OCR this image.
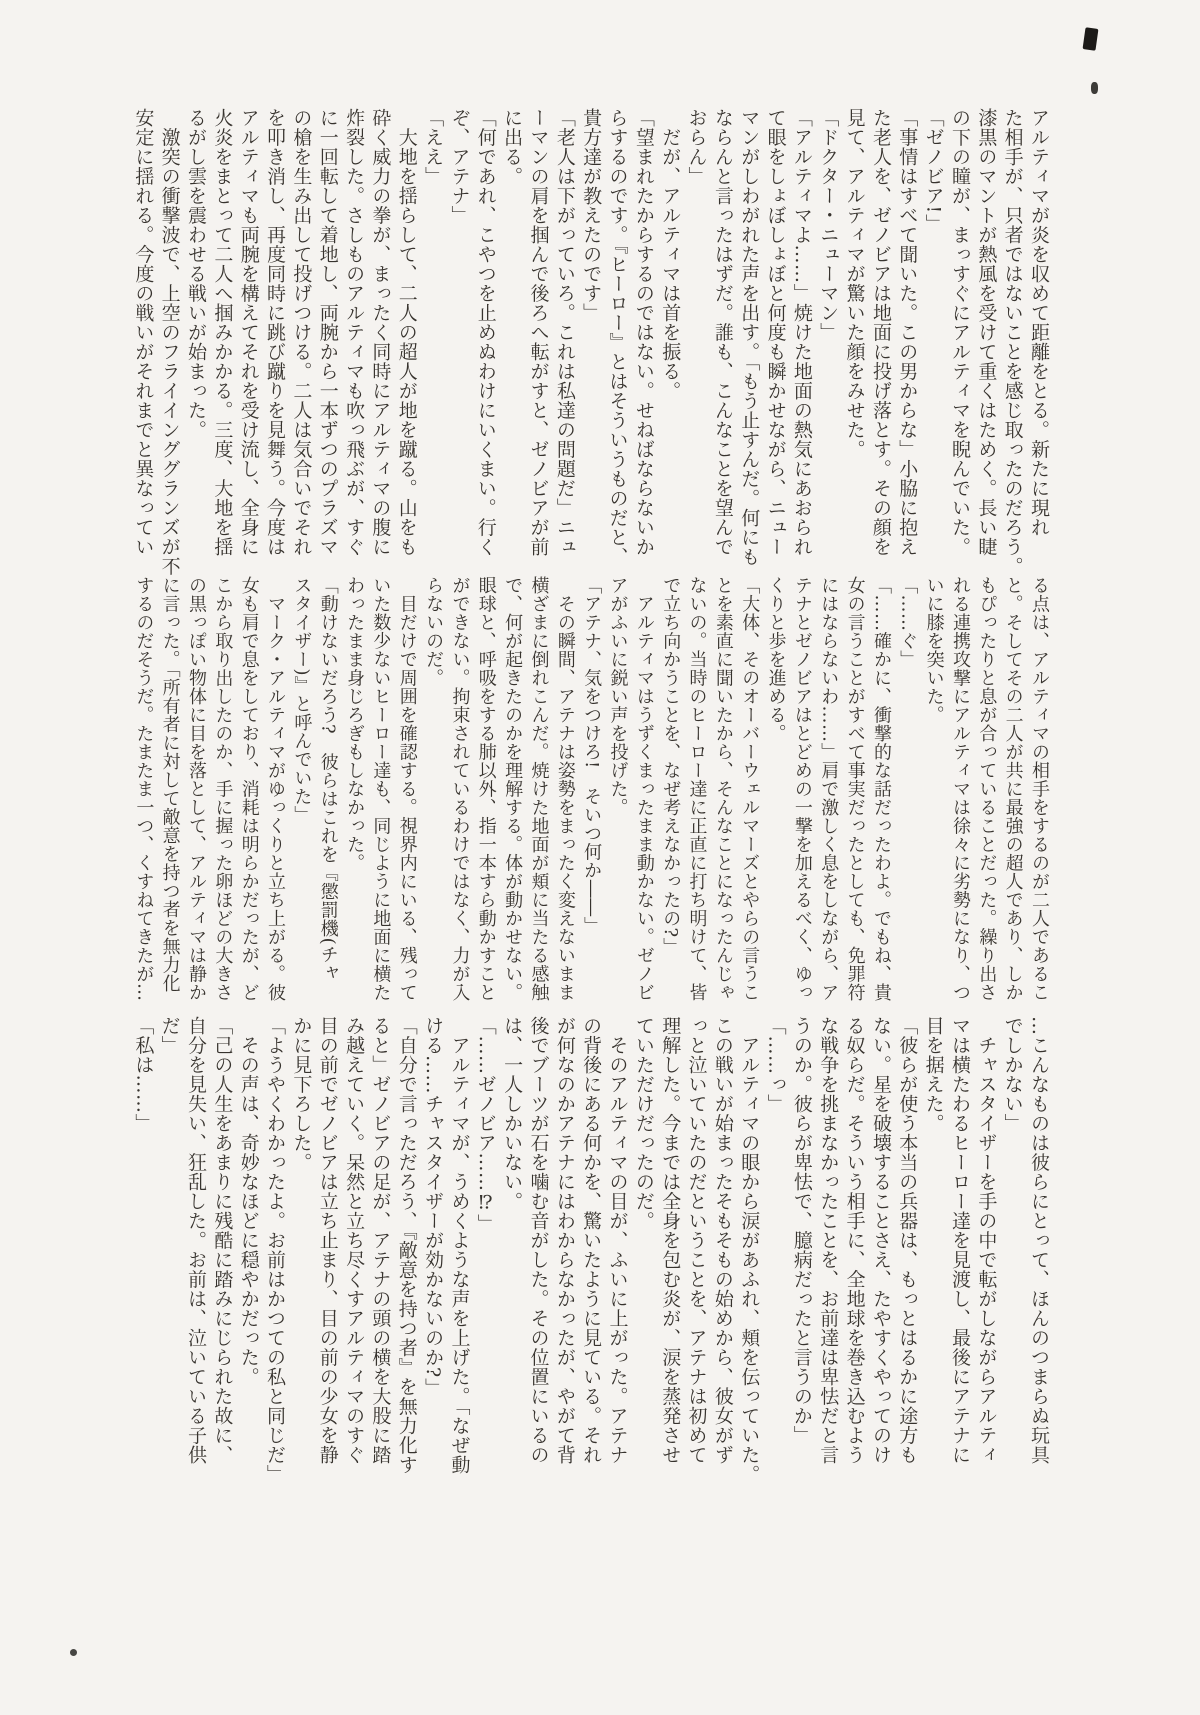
アルティマが炎を収めて距離をとる。新たに現れ

た相手が、只者ではないことを感じ取ったのだろう。

漆黒のマントが熱風を受けて重くはためく。長い睫

の下の瞳が、まっすぐにアルティマを睨んでいた。

「ゼノビア!」

「事情はすべて聞いた。この男からな」小脇に抱え

た老人を、ゼノビアは地面に投げ落とす。その顔を

見て、アルティマが驚いた顔をみせた。

「ドクター・ニューマン」

「アルティマよ……」焼けた地面の熱気にあおられ

て眼をしょぼしょぼと何度も瞬かせながら、ニュー

マンがしわがれた声を出す。「もう止すんだ。何にも

ならんと言ったはずだ。誰も、こんなことを望んで

おらん」

　だが、アルティマは首を振る。

「望まれたからするのではない。せねばならないか

らするのです。『ヒーロー』とはそういうものだと、

貴方達が教えたのです」

「老人は下がっていろ。これは私達の問題だ」ニュ

ーマンの肩を掴んで後ろへ転がすと、ゼノビアが前

に出る。

「何であれ、こやつを止めぬわけにいくまい。行く

ぞ、アテナ」

「ええ」

　大地を揺らして、二人の超人が地を蹴る。山をも

砕く威力の拳が、まったく同時にアルティマの腹に

炸裂した。さしものアルティマも吹っ飛ぶが、すぐ

に一回転して着地し、両腕から一本ずつのプラズマ

の槍を生み出して投げつける。二人は気合いでそれ

を叩き消し、再度同時に跳び蹴りを見舞う。今度は

アルティマも両腕を構えてそれを受け流し、全身に

火炎をまとって二人へ掴みかかる。三度、大地を揺

るがし雲を震わせる戦いが始まった。

　激突の衝撃波で、上空のフライインググランズが不

安定に揺れる。今度の戦いがそれまでと異なってい

る点は、アルティマの相手をするのが二人であるこ

と。そしてその二人が共に最強の超人であり、しか

もぴったりと息が合っていることだった。繰り出さ

れる連携攻撃にアルティマは徐々に劣勢になり、つ

いに膝を突いた。

「……ぐ」

「……確かに、衝撃的な話だったわよ。でもね、貴

女の言うことがすべて事実だったとしても、免罪符

にはならないわ……」肩で激しく息をしながら、ア

テナとゼノビアはとどめの一撃を加えるべく、ゆっ

くりと歩を進める。

「大体、そのオーバーウェルマーズとやらの言うこ

とを素直に聞いたから、そんなことになったんじゃ

ないの。当時のヒーロー達に正直に打ち明けて、皆

で立ち向かうことを、なぜ考えなかったの?」

　アルティマはうずくまったまま動かない。ゼノビ

アがふいに鋭い声を投げた。

「アテナ、気をつけろ!　そいつ何か――」

　その瞬間、アテナは姿勢をまったく変えないまま

横ざまに倒れこんだ。焼けた地面が頬に当たる感触

で、何が起きたのかを理解する。体が動かせない。

眼球と、呼吸をする肺以外、指一本すら動かすこと

ができない。拘束されているわけではなく、力が入

らないのだ。

　目だけで周囲を確認する。視界内にいる、残って

いた数少ないヒーロー達も、同じように地面に横た

わったまま身じろぎもしなかった。

「動けないだろう?　彼らはこれを『懲罰機(チャ

スタイザー)』と呼んでいた」

　マーク・アルティマがゆっくりと立ち上がる。彼

女も肩で息をしており、消耗は明らかだったが、ど

こから取り出したのか、手に握った卵ほどの大きさ

の黒っぽい物体に目を落として、アルティマは静か

に言った。「所有者に対して敵意を持つ者を無力化

するのだそうだ。たまたま一つ、くすねてきたが…

…こんなものは彼らにとって、ほんのつまらぬ玩具

でしかない」

　チャスタイザーを手の中で転がしながらアルティ

マは横たわるヒーロー達を見渡し、最後にアテナに

目を据えた。

「彼らが使う本当の兵器は、もっとはるかに途方も

ない。星を破壊することさえ、たやすくやってのけ

る奴らだ。そういう相手に、全地球を巻き込むよう

な戦争を挑まなかったことを、お前達は卑怯だと言

うのか。彼らが卑怯で、臆病だったと言うのか」

「……っ」

　アルティマの眼から涙があふれ、頬を伝っていた。

この戦いが始まったそもそもの始めから、彼女がず

っと泣いていたのだということを、アテナは初めて

理解した。今までは全身を包む炎が、涙を蒸発させ

ていただけだったのだ。

　そのアルティマの目が、ふいに上がった。アテナ

の背後にある何かを、驚いたように見ている。それ

が何なのかアテナにはわからなかったが、やがて背

後でブーツが石を噛む音がした。その位置にいるの

は、一人しかいない。

「……ゼノビア……⁉」

　アルティマが、うめくような声を上げた。「なぜ動

ける……チャスタイザーが効かないのか?」

「自分で言っただろう、『敵意を持つ者』を無力化す

ると」ゼノビアの足が、アテナの頭の横を大股に踏

み越えていく。呆然と立ち尽くすアルティマのすぐ

目の前でゼノビアは立ち止まり、目の前の少女を静

かに見下ろした。

「ようやくわかったよ。お前はかつての私と同じだ」

　その声は、奇妙なほどに穏やかだった。

「己の人生をあまりに残酷に踏みにじられた故に、

自分を見失い、狂乱した。お前は、泣いている子供

だ」

「私は……」
